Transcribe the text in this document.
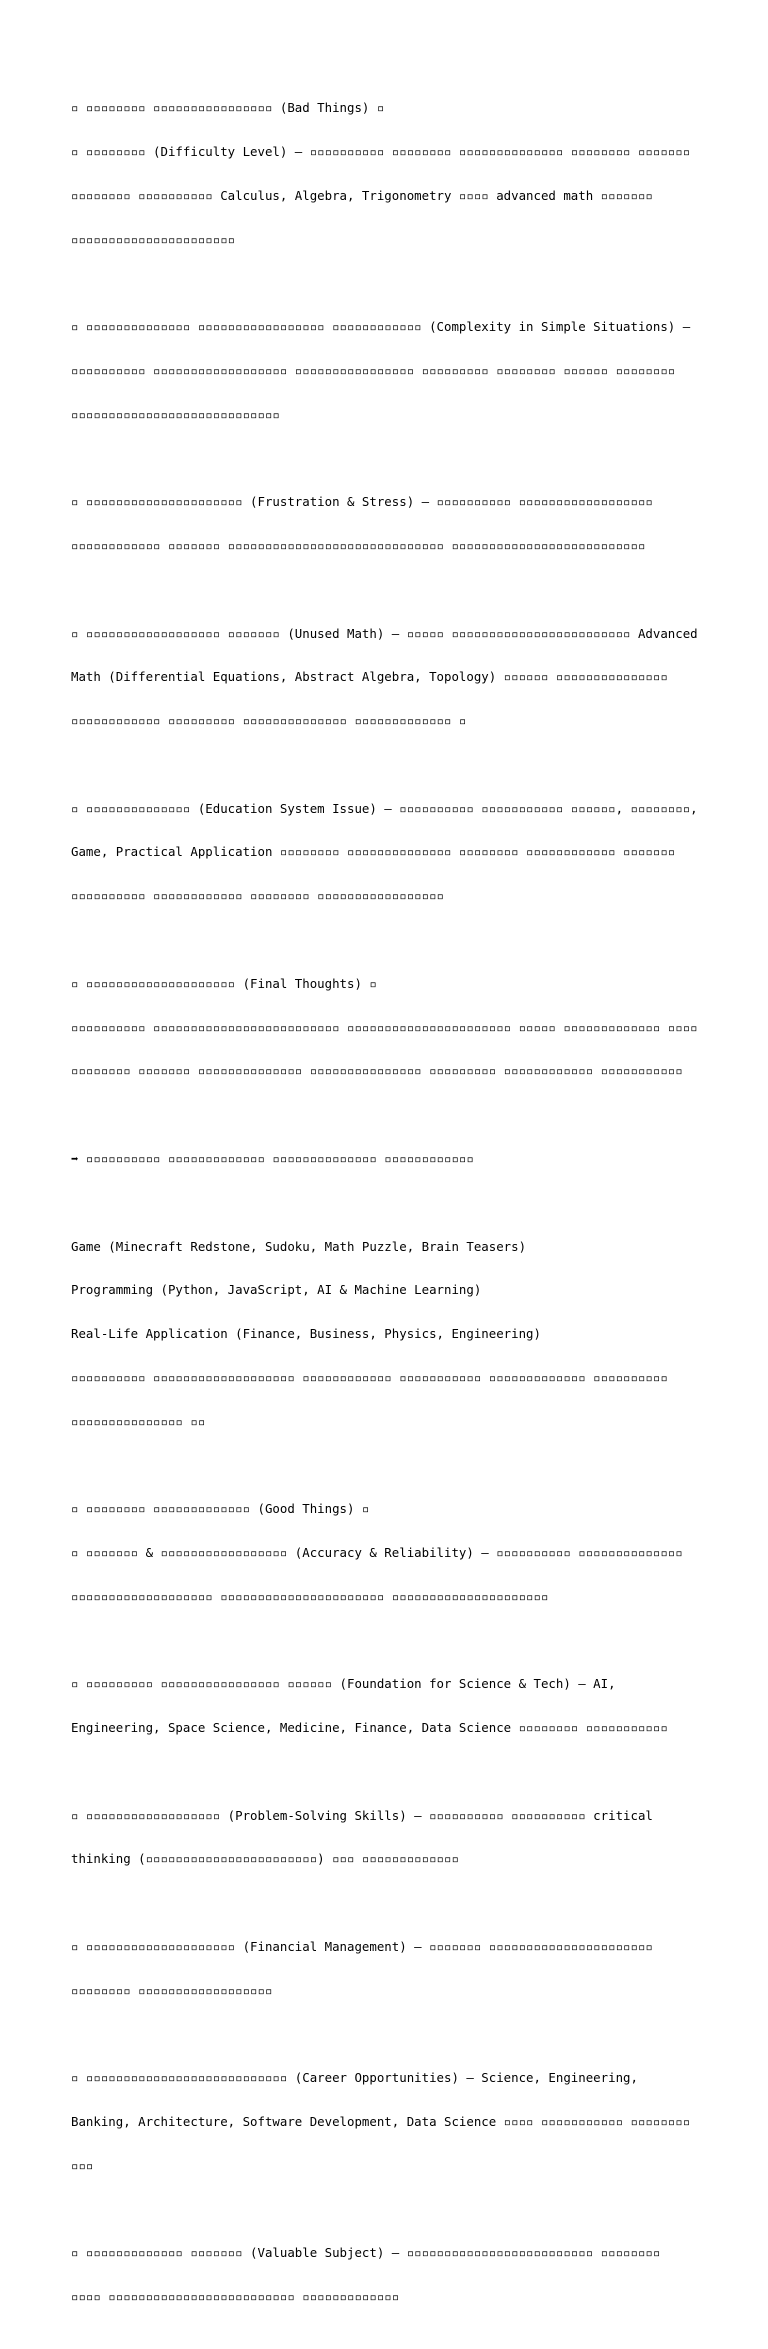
▫ ▫▫▫▫▫▫▫▫ ▫▫▫▫▫▫▫▫▫▫▫▫▫▫▫▫ (Bad Things) ▫

▫ ▫▫▫▫▫▫▫▫ (Difficulty Level) – ▫▫▫▫▫▫▫▫▫▫ ▫▫▫▫▫▫▫▫ ▫▫▫▫▫▫▫▫▫▫▫▫▫▫ ▫▫▫▫▫▫▫▫ ▫▫▫▫▫▫▫

▫▫▫▫▫▫▫▫ ▫▫▫▫▫▫▫▫▫▫ Calculus, Algebra, Trigonometry ▫▫▫▫ advanced math ▫▫▫▫▫▫▫

▫▫▫▫▫▫▫▫▫▫▫▫▫▫▫▫▫▫▫▫▫▫

▫ ▫▫▫▫▫▫▫▫▫▫▫▫▫▫ ▫▫▫▫▫▫▫▫▫▫▫▫▫▫▫▫▫ ▫▫▫▫▫▫▫▫▫▫▫▫ (Complexity in Simple Situations) –

▫▫▫▫▫▫▫▫▫▫ ▫▫▫▫▫▫▫▫▫▫▫▫▫▫▫▫▫▫ ▫▫▫▫▫▫▫▫▫▫▫▫▫▫▫▫ ▫▫▫▫▫▫▫▫▫ ▫▫▫▫▫▫▫▫ ▫▫▫▫▫▫ ▫▫▫▫▫▫▫▫

▫▫▫▫▫▫▫▫▫▫▫▫▫▫▫▫▫▫▫▫▫▫▫▫▫▫▫▫

▫ ▫▫▫▫▫▫▫▫▫▫▫▫▫▫▫▫▫▫▫▫▫ (Frustration & Stress) – ▫▫▫▫▫▫▫▫▫▫ ▫▫▫▫▫▫▫▫▫▫▫▫▫▫▫▫▫▫

▫▫▫▫▫▫▫▫▫▫▫▫ ▫▫▫▫▫▫▫ ▫▫▫▫▫▫▫▫▫▫▫▫▫▫▫▫▫▫▫▫▫▫▫▫▫▫▫▫▫ ▫▫▫▫▫▫▫▫▫▫▫▫▫▫▫▫▫▫▫▫▫▫▫▫▫▫

▫ ▫▫▫▫▫▫▫▫▫▫▫▫▫▫▫▫▫▫ ▫▫▫▫▫▫▫ (Unused Math) – ▫▫▫▫▫ ▫▫▫▫▫▫▫▫▫▫▫▫▫▫▫▫▫▫▫▫▫▫▫▫ Advanced

Math (Differential Equations, Abstract Algebra, Topology) ▫▫▫▫▫▫ ▫▫▫▫▫▫▫▫▫▫▫▫▫▫▫

▫▫▫▫▫▫▫▫▫▫▫▫ ▫▫▫▫▫▫▫▫▫ ▫▫▫▫▫▫▫▫▫▫▫▫▫▫ ▫▫▫▫▫▫▫▫▫▫▫▫▫ ▫

▫ ▫▫▫▫▫▫▫▫▫▫▫▫▫▫ (Education System Issue) – ▫▫▫▫▫▫▫▫▫▫ ▫▫▫▫▫▫▫▫▫▫▫ ▫▫▫▫▫▫, ▫▫▫▫▫▫▫▫,

Game, Practical Application ▫▫▫▫▫▫▫▫ ▫▫▫▫▫▫▫▫▫▫▫▫▫▫ ▫▫▫▫▫▫▫▫ ▫▫▫▫▫▫▫▫▫▫▫▫ ▫▫▫▫▫▫▫

▫▫▫▫▫▫▫▫▫▫ ▫▫▫▫▫▫▫▫▫▫▫▫ ▫▫▫▫▫▫▫▫ ▫▫▫▫▫▫▫▫▫▫▫▫▫▫▫▫▫

▫ ▫▫▫▫▫▫▫▫▫▫▫▫▫▫▫▫▫▫▫▫ (Final Thoughts) ▫

▫▫▫▫▫▫▫▫▫▫ ▫▫▫▫▫▫▫▫▫▫▫▫▫▫▫▫▫▫▫▫▫▫▫▫▫ ▫▫▫▫▫▫▫▫▫▫▫▫▫▫▫▫▫▫▫▫▫▫ ▫▫▫▫▫ ▫▫▫▫▫▫▫▫▫▫▫▫▫ ▫▫▫▫

▫▫▫▫▫▫▫▫ ▫▫▫▫▫▫▫ ▫▫▫▫▫▫▫▫▫▫▫▫▫▫ ▫▫▫▫▫▫▫▫▫▫▫▫▫▫▫ ▫▫▫▫▫▫▫▫▫ ▫▫▫▫▫▫▫▫▫▫▫▫ ▫▫▫▫▫▫▫▫▫▫▫

➡ ▫▫▫▫▫▫▫▫▫▫ ▫▫▫▫▫▫▫▫▫▫▫▫▫ ▫▫▫▫▫▫▫▫▫▫▫▫▫▫ ▫▫▫▫▫▫▫▫▫▫▫▫

Game (Minecraft Redstone, Sudoku, Math Puzzle, Brain Teasers)

Programming (Python, JavaScript, AI & Machine Learning)

Real-Life Application (Finance, Business, Physics, Engineering)

▫▫▫▫▫▫▫▫▫▫ ▫▫▫▫▫▫▫▫▫▫▫▫▫▫▫▫▫▫▫ ▫▫▫▫▫▫▫▫▫▫▫▫ ▫▫▫▫▫▫▫▫▫▫▫ ▫▫▫▫▫▫▫▫▫▫▫▫▫ ▫▫▫▫▫▫▫▫▫▫

▫▫▫▫▫▫▫▫▫▫▫▫▫▫▫ ▫▫

▫ ▫▫▫▫▫▫▫▫ ▫▫▫▫▫▫▫▫▫▫▫▫▫ (Good Things) ▫

▫ ▫▫▫▫▫▫▫ & ▫▫▫▫▫▫▫▫▫▫▫▫▫▫▫▫▫ (Accuracy & Reliability) – ▫▫▫▫▫▫▫▫▫▫ ▫▫▫▫▫▫▫▫▫▫▫▫▫▫

▫▫▫▫▫▫▫▫▫▫▫▫▫▫▫▫▫▫▫ ▫▫▫▫▫▫▫▫▫▫▫▫▫▫▫▫▫▫▫▫▫▫ ▫▫▫▫▫▫▫▫▫▫▫▫▫▫▫▫▫▫▫▫▫

▫ ▫▫▫▫▫▫▫▫▫ ▫▫▫▫▫▫▫▫▫▫▫▫▫▫▫▫ ▫▫▫▫▫▫ (Foundation for Science & Tech) – AI,

Engineering, Space Science, Medicine, Finance, Data Science ▫▫▫▫▫▫▫▫ ▫▫▫▫▫▫▫▫▫▫▫

▫ ▫▫▫▫▫▫▫▫▫▫▫▫▫▫▫▫▫▫ (Problem-Solving Skills) – ▫▫▫▫▫▫▫▫▫▫ ▫▫▫▫▫▫▫▫▫▫ critical

thinking (▫▫▫▫▫▫▫▫▫▫▫▫▫▫▫▫▫▫▫▫▫▫▫) ▫▫▫ ▫▫▫▫▫▫▫▫▫▫▫▫▫

▫ ▫▫▫▫▫▫▫▫▫▫▫▫▫▫▫▫▫▫▫▫ (Financial Management) – ▫▫▫▫▫▫▫ ▫▫▫▫▫▫▫▫▫▫▫▫▫▫▫▫▫▫▫▫▫▫

▫▫▫▫▫▫▫▫ ▫▫▫▫▫▫▫▫▫▫▫▫▫▫▫▫▫▫

▫ ▫▫▫▫▫▫▫▫▫▫▫▫▫▫▫▫▫▫▫▫▫▫▫▫▫▫▫ (Career Opportunities) – Science, Engineering,

Banking, Architecture, Software Development, Data Science ▫▫▫▫ ▫▫▫▫▫▫▫▫▫▫▫ ▫▫▫▫▫▫▫▫

▫▫▫

▫ ▫▫▫▫▫▫▫▫▫▫▫▫▫ ▫▫▫▫▫▫▫ (Valuable Subject) – ▫▫▫▫▫▫▫▫▫▫▫▫▫▫▫▫▫▫▫▫▫▫▫▫▫ ▫▫▫▫▫▫▫▫

▫▫▫▫ ▫▫▫▫▫▫▫▫▫▫▫▫▫▫▫▫▫▫▫▫▫▫▫▫▫ ▫▫▫▫▫▫▫▫▫▫▫▫▫
